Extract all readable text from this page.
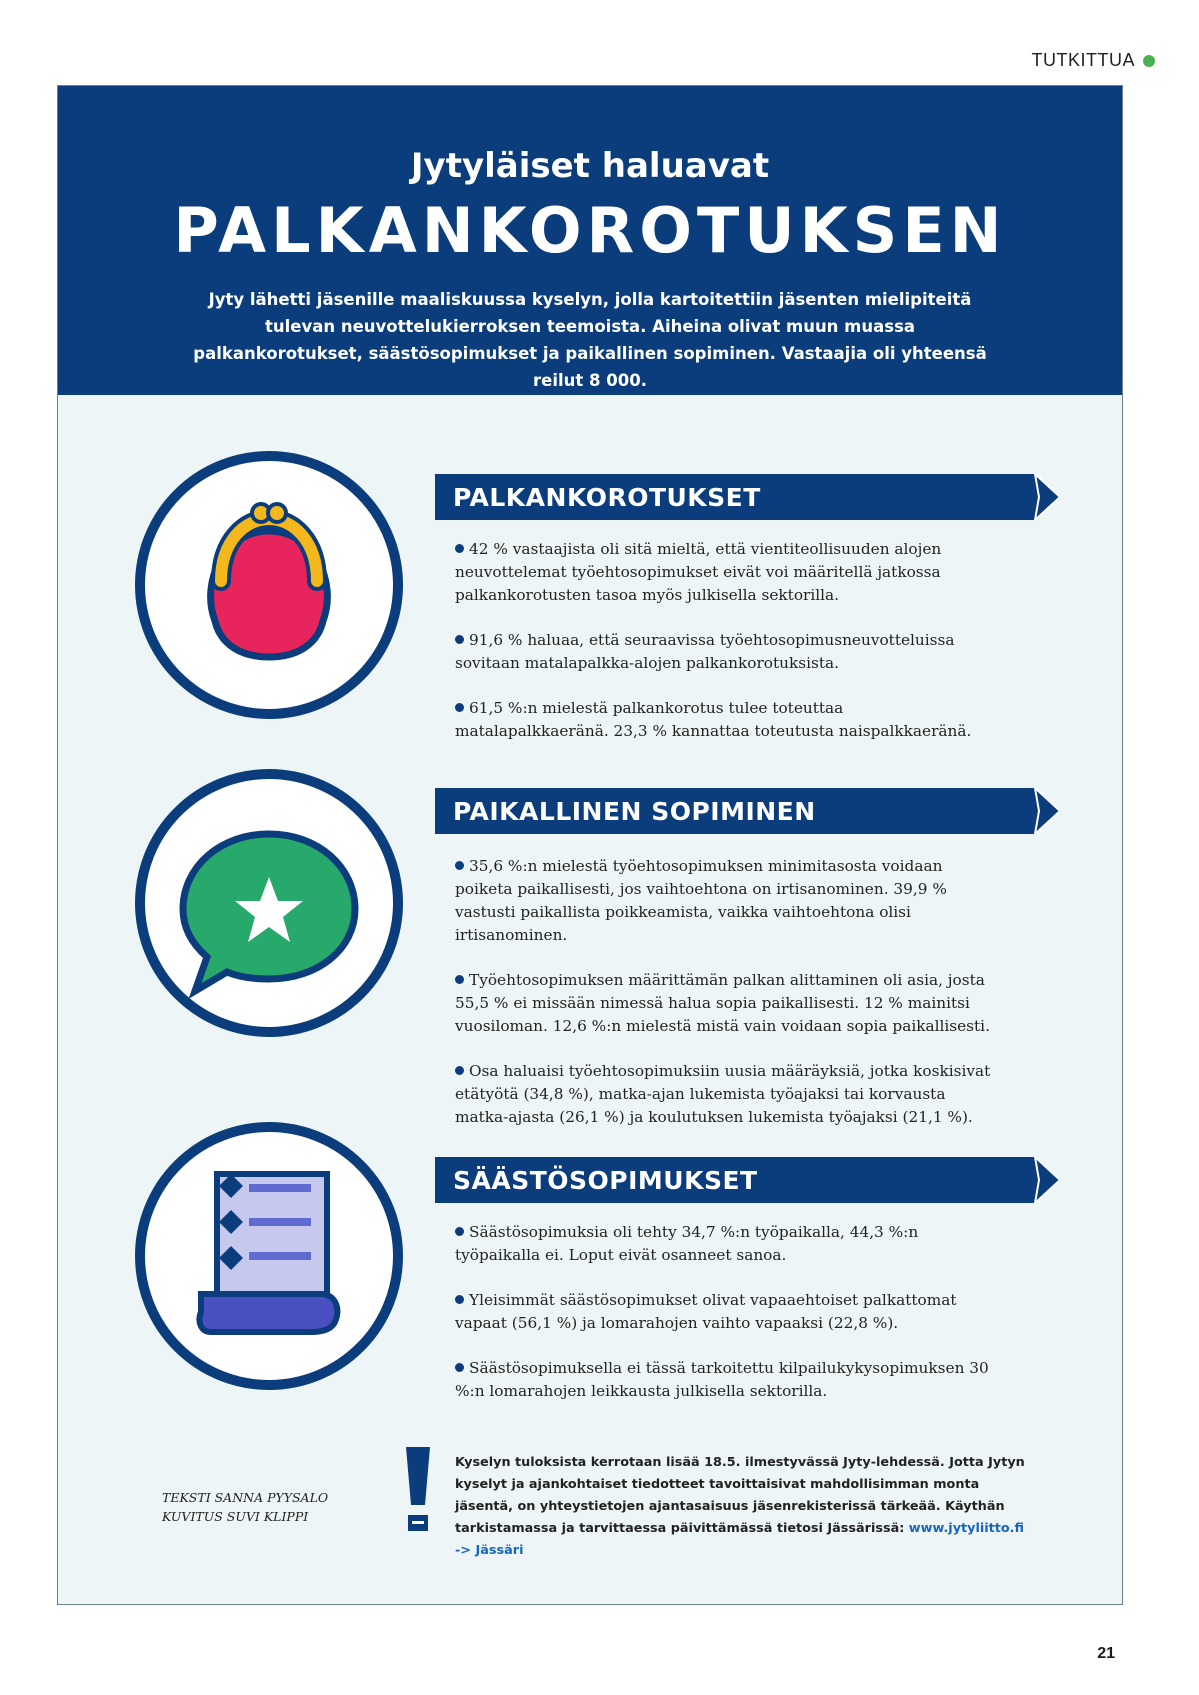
TUTKITTUA
Jytyläiset haluavat
PALKANKOROTUKSEN
Jyty lähetti jäsenille maaliskuussa kyselyn, jolla kartoitettiin jäsenten mielipiteitä tulevan neuvottelukierroksen teemoista. Aiheina olivat muun muassa palkankorotukset, säästösopimukset ja paikallinen sopiminen. Vastaajia oli yhteensä reilut 8 000.
PALKANKOROTUKSET

42 % vastaajista oli sitä mieltä, että vientiteollisuuden alojen neuvottelemat työehtosopimukset eivät voi määritellä jatkossa palkankorotusten tasoa myös julkisella sektorilla.

91,6 % haluaa, että seuraavissa työehtosopimusneuvotteluissa sovitaan matalapalkka-alojen palkankorotuksista.

61,5 %:n mielestä palkankorotus tulee toteuttaa matalapalkkaeränä. 23,3 % kannattaa toteutusta naispalkkaeränä.

PAIKALLINEN SOPIMINEN

35,6 %:n mielestä työehtosopimuksen minimitasosta voidaan poiketa paikallisesti, jos vaihtoehtona on irtisanominen. 39,9 % vastusti paikallista poikkeamista, vaikka vaihtoehtona olisi irtisanominen.

Työehtosopimuksen määrittämän palkan alittaminen oli asia, josta 55,5 % ei missään nimessä halua sopia paikallisesti. 12 % mainitsi vuosiloman. 12,6 %:n mielestä mistä vain voidaan sopia paikallisesti.

Osa haluaisi työehtosopimuksiin uusia määräyksiä, jotka koskisivat etätyötä (34,8 %), matka-ajan lukemista työajaksi tai korvausta matka-ajasta (26,1 %) ja koulutuksen lukemista työajaksi (21,1 %).

SÄÄSTÖSOPIMUKSET

Säästösopimuksia oli tehty 34,7 %:n työpaikalla, 44,3 %:n työpaikalla ei. Loput eivät osanneet sanoa.

Yleisimmät säästösopimukset olivat vapaaehtoiset palkattomat vapaat (56,1 %) ja lomarahojen vaihto vapaaksi (22,8 %).

Säästösopimuksella ei tässä tarkoitettu kilpailukykysopimuksen 30 %:n lomarahojen leikkausta julkisella sektorilla.

TEKSTI SANNA PYYSALO
KUVITUS SUVI KLIPPI
Kyselyn tuloksista kerrotaan lisää 18.5. ilmestyvässä Jyty-lehdessä. Jotta Jytyn kyselyt ja ajankohtaiset tiedotteet tavoittaisivat mahdollisimman monta jäsentä, on yhteystietojen ajantasaisuus jäsenrekisterissä tärkeää. Käythän tarkistamassa ja tarvittaessa päivittämässä tietosi Jässärissä: www.jytyliitto.fi -> Jässäri
21
